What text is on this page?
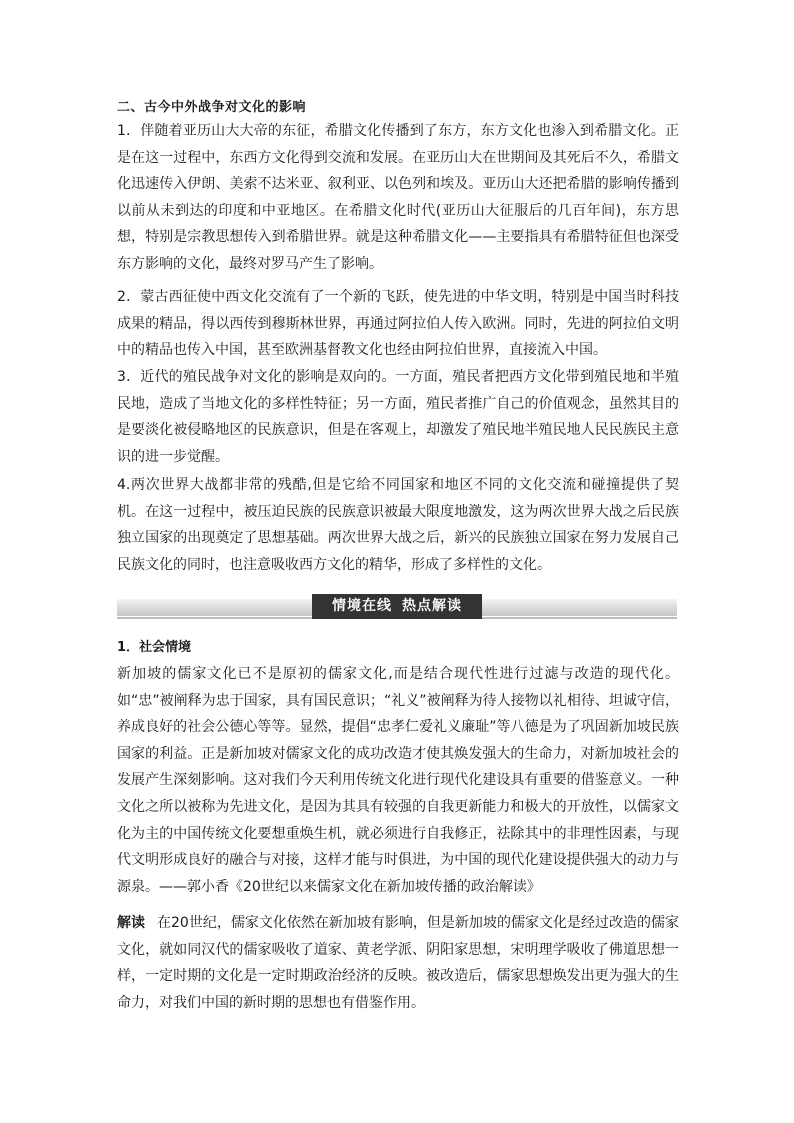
二、古今中外战争对文化的影响

1．伴随着亚历山大大帝的东征，希腊文化传播到了东方，东方文化也渗入到希腊文化。正是在这一过程中，东西方文化得到交流和发展。在亚历山大在世期间及其死后不久，希腊文化迅速传入伊朗、美索不达米亚、叙利亚、以色列和埃及。亚历山大还把希腊的影响传播到以前从未到达的印度和中亚地区。在希腊文化时代(亚历山大征服后的几百年间)，东方思想，特别是宗教思想传入到希腊世界。就是这种希腊文化——主要指具有希腊特征但也深受东方影响的文化，最终对罗马产生了影响。

2．蒙古西征使中西文化交流有了一个新的飞跃，使先进的中华文明，特别是中国当时科技成果的精品，得以西传到穆斯林世界，再通过阿拉伯人传入欧洲。同时，先进的阿拉伯文明中的精品也传入中国，甚至欧洲基督教文化也经由阿拉伯世界，直接流入中国。

3．近代的殖民战争对文化的影响是双向的。一方面，殖民者把西方文化带到殖民地和半殖民地，造成了当地文化的多样性特征；另一方面，殖民者推广自己的价值观念，虽然其目的是要淡化被侵略地区的民族意识，但是在客观上，却激发了殖民地半殖民地人民民族民主意识的进一步觉醒。

4.两次世界大战都非常的残酷,但是它给不同国家和地区不同的文化交流和碰撞提供了契机。在这一过程中，被压迫民族的民族意识被最大限度地激发，这为两次世界大战之后民族独立国家的出现奠定了思想基础。两次世界大战之后，新兴的民族独立国家在努力发展自己民族文化的同时，也注意吸收西方文化的精华，形成了多样性的文化。

情境在线 热点解读
1．社会情境

新加坡的儒家文化已不是原初的儒家文化,而是结合现代性进行过滤与改造的现代化。如“忠”被阐释为忠于国家，具有国民意识；“礼义”被阐释为待人接物以礼相待、坦诚守信，养成良好的社会公德心等等。显然，提倡“忠孝仁爱礼义廉耻”等八德是为了巩固新加坡民族国家的利益。正是新加坡对儒家文化的成功改造才使其焕发强大的生命力，对新加坡社会的发展产生深刻影响。这对我们今天利用传统文化进行现代化建设具有重要的借鉴意义。一种文化之所以被称为先进文化，是因为其具有较强的自我更新能力和极大的开放性，以儒家文化为主的中国传统文化要想重焕生机，就必须进行自我修正，祛除其中的非理性因素，与现代文明形成良好的融合与对接，这样才能与时俱进，为中国的现代化建设提供强大的动力与源泉。——郭小香《20世纪以来儒家文化在新加坡传播的政治解读》

解读 在20世纪，儒家文化依然在新加坡有影响，但是新加坡的儒家文化是经过改造的儒家文化，就如同汉代的儒家吸收了道家、黄老学派、阴阳家思想，宋明理学吸收了佛道思想一样，一定时期的文化是一定时期政治经济的反映。被改造后，儒家思想焕发出更为强大的生命力，对我们中国的新时期的思想也有借鉴作用。
